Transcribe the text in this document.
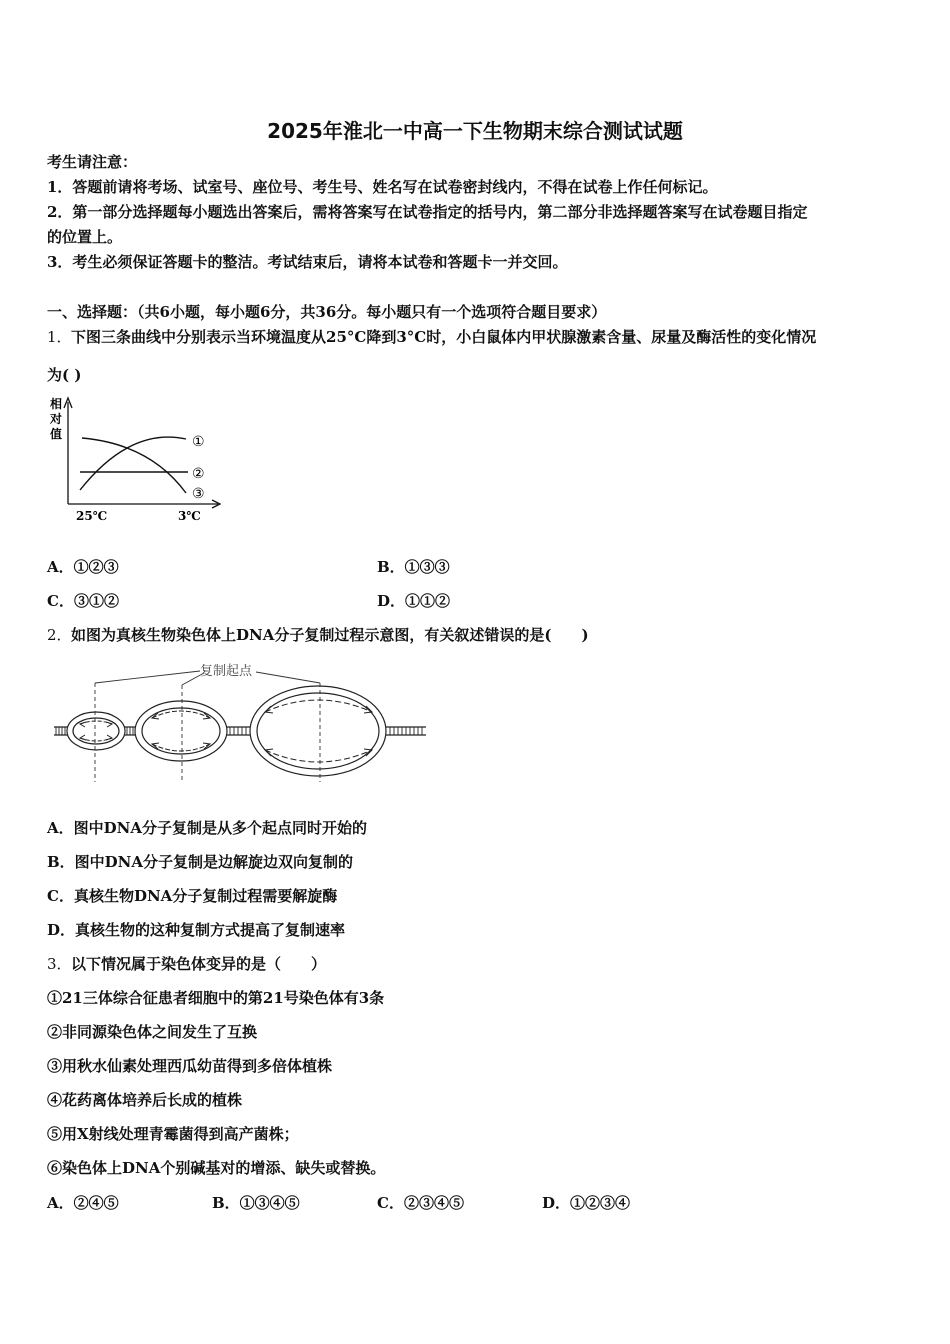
2025年淮北一中高一下生物期末综合测试试题
考生请注意：
1．答题前请将考场、试室号、座位号、考生号、姓名写在试卷密封线内，不得在试卷上作任何标记。
2．第一部分选择题每小题选出答案后，需将答案写在试卷指定的括号内，第二部分非选择题答案写在试卷题目指定
的位置上。
3．考生必须保证答题卡的整洁。考试结束后，请将本试卷和答题卡一并交回。
一、选择题：（共6小题，每小题6分，共36分。每小题只有一个选项符合题目要求）
1． 下图三条曲线中分别表示当环境温度从25°C降到3°C时，小白鼠体内甲状腺激素含量、尿量及酶活性的变化情况
为( )
相
对
值	①
②
③
25℃	3℃
A．①②③	B．①③③
C．③①②	D．①①②
2． 如图为真核生物染色体上DNA分子复制过程示意图，有关叙述错误的是(　　)
复制起点
A．图中DNA分子复制是从多个起点同时开始的
B．图中DNA分子复制是边解旋边双向复制的
C．真核生物DNA分子复制过程需要解旋酶
D．真核生物的这种复制方式提高了复制速率
3． 以下情况属于染色体变异的是（　　）
①21三体综合征患者细胞中的第21号染色体有3条
②非同源染色体之间发生了互换
③用秋水仙素处理西瓜幼苗得到多倍体植株
④花药离体培养后长成的植株
⑤用X射线处理青霉菌得到高产菌株；
⑥染色体上DNA个别碱基对的增添、缺失或替换。
A．②④⑤	B．①③④⑤	C．②③④⑤	D．①②③④
